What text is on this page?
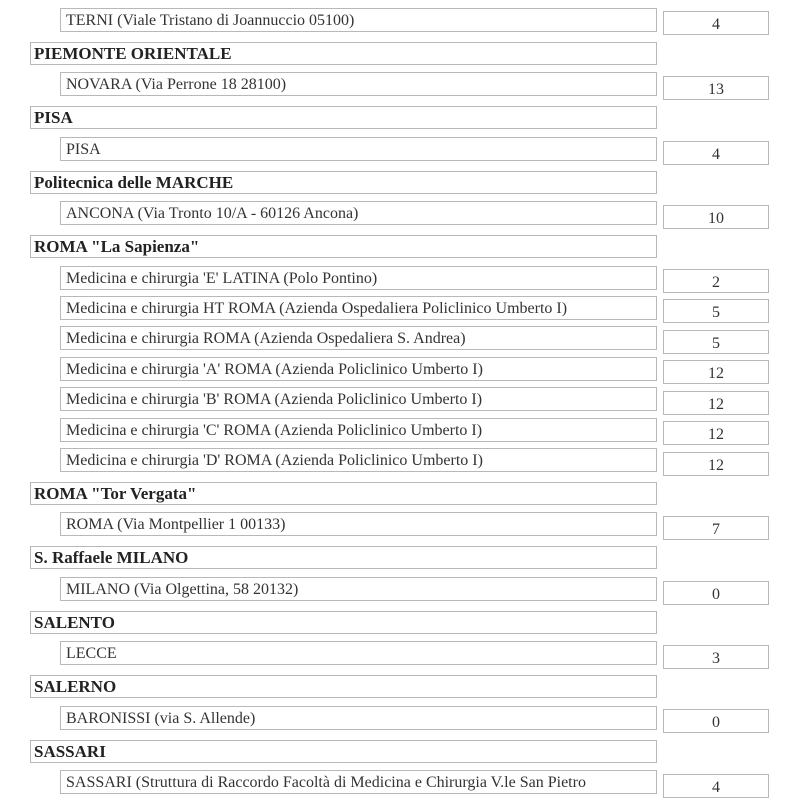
TERNI (Viale Tristano di Joannuccio 05100)	4
PIEMONTE ORIENTALE
NOVARA (Via Perrone 18 28100)	13
PISA
PISA	4
Politecnica delle MARCHE
ANCONA (Via Tronto 10/A - 60126 Ancona)	10
ROMA "La Sapienza"
Medicina e chirurgia 'E' LATINA (Polo Pontino)	2
Medicina e chirurgia HT ROMA (Azienda Ospedaliera Policlinico Umberto I)	5
Medicina e chirurgia ROMA (Azienda Ospedaliera S. Andrea)	5
Medicina e chirurgia 'A' ROMA (Azienda Policlinico Umberto I)	12
Medicina e chirurgia 'B' ROMA (Azienda Policlinico Umberto I)	12
Medicina e chirurgia 'C' ROMA (Azienda Policlinico Umberto I)	12
Medicina e chirurgia 'D' ROMA (Azienda Policlinico Umberto I)	12
ROMA "Tor Vergata"
ROMA (Via Montpellier 1 00133)	7
S. Raffaele MILANO
MILANO (Via Olgettina, 58 20132)	0
SALENTO
LECCE	3
SALERNO
BARONISSI (via S. Allende)	0
SASSARI
SASSARI (Struttura di Raccordo Facoltà di Medicina e Chirurgia V.le San Pietro	4
